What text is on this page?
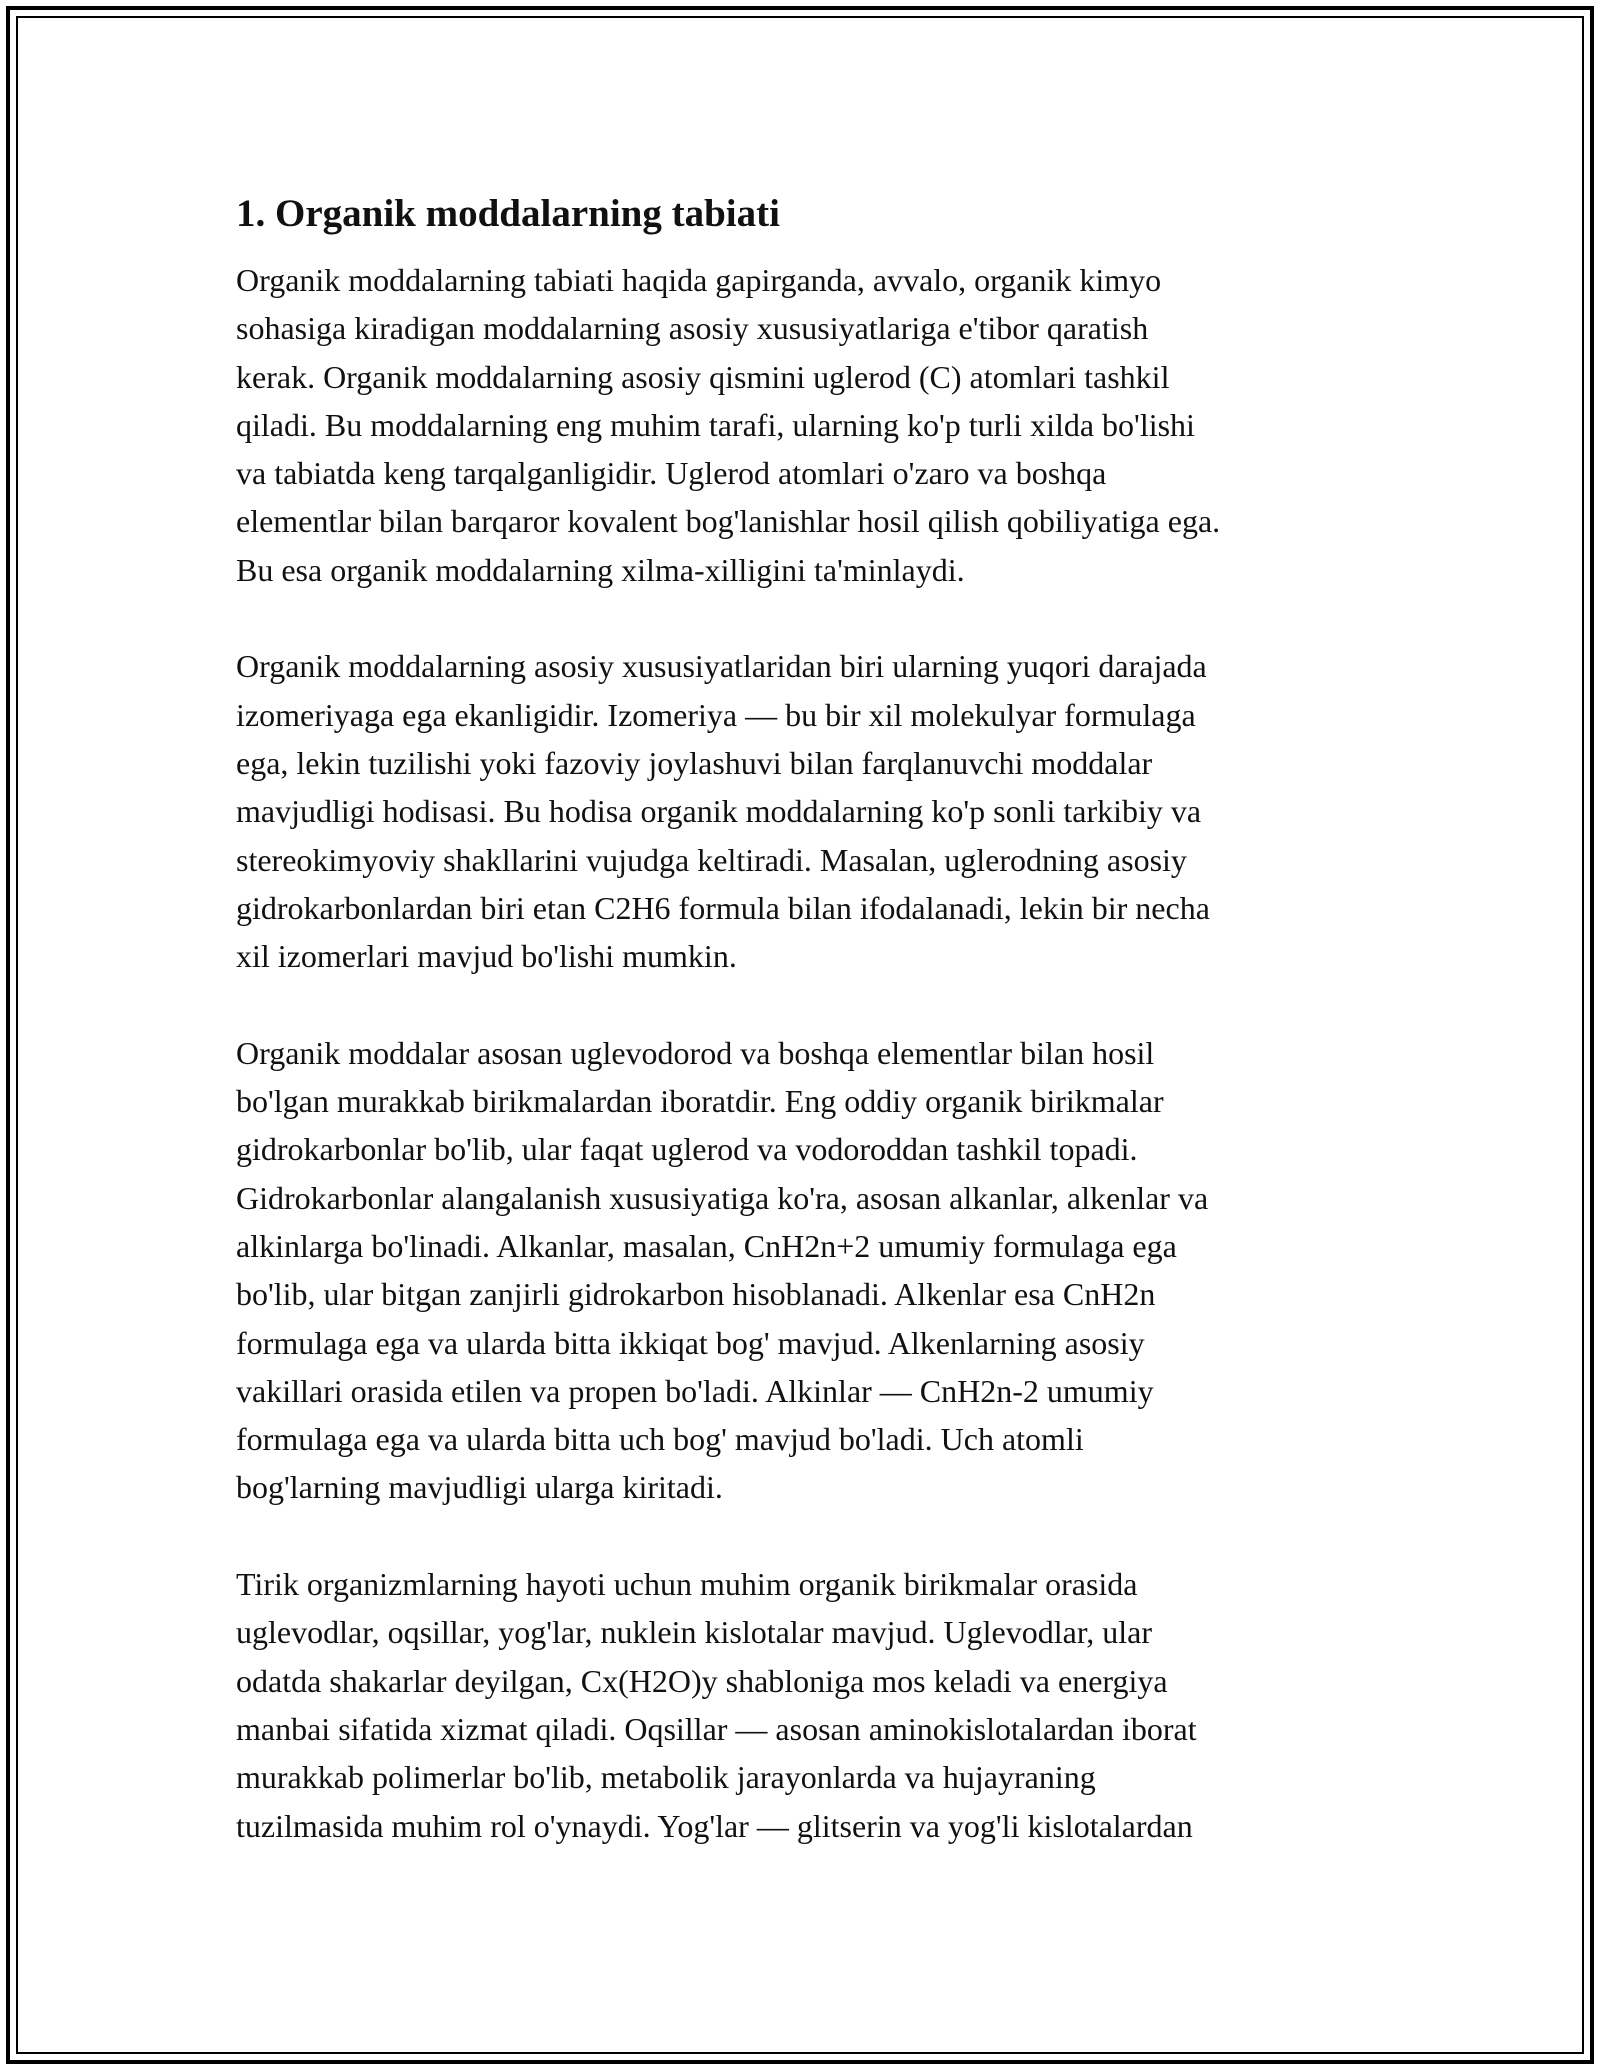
1. Organik moddalarning tabiati

Organik moddalarning tabiati haqida gapirganda, avvalo, organik kimyo
sohasiga kiradigan moddalarning asosiy xususiyatlariga e'tibor qaratish
kerak. Organik moddalarning asosiy qismini uglerod (C) atomlari tashkil
qiladi. Bu moddalarning eng muhim tarafi, ularning ko'p turli xilda bo'lishi
va tabiatda keng tarqalganligidir. Uglerod atomlari o'zaro va boshqa
elementlar bilan barqaror kovalent bog'lanishlar hosil qilish qobiliyatiga ega.
Bu esa organik moddalarning xilma-xilligini ta'minlaydi.

Organik moddalarning asosiy xususiyatlaridan biri ularning yuqori darajada
izomeriyaga ega ekanligidir. Izomeriya — bu bir xil molekulyar formulaga
ega, lekin tuzilishi yoki fazoviy joylashuvi bilan farqlanuvchi moddalar
mavjudligi hodisasi. Bu hodisa organik moddalarning ko'p sonli tarkibiy va
stereokimyoviy shakllarini vujudga keltiradi. Masalan, uglerodning asosiy
gidrokarbonlardan biri etan C2H6 formula bilan ifodalanadi, lekin bir necha
xil izomerlari mavjud bo'lishi mumkin.

Organik moddalar asosan uglevodorod va boshqa elementlar bilan hosil
bo'lgan murakkab birikmalardan iboratdir. Eng oddiy organik birikmalar
gidrokarbonlar bo'lib, ular faqat uglerod va vodoroddan tashkil topadi.
Gidrokarbonlar alangalanish xususiyatiga ko'ra, asosan alkanlar, alkenlar va
alkinlarga bo'linadi. Alkanlar, masalan, CnH2n+2 umumiy formulaga ega
bo'lib, ular bitgan zanjirli gidrokarbon hisoblanadi. Alkenlar esa CnH2n
formulaga ega va ularda bitta ikkiqat bog' mavjud. Alkenlarning asosiy
vakillari orasida etilen va propen bo'ladi. Alkinlar — CnH2n-2 umumiy
formulaga ega va ularda bitta uch bog' mavjud bo'ladi. Uch atomli
bog'larning mavjudligi ularga kiritadi.

Tirik organizmlarning hayoti uchun muhim organik birikmalar orasida
uglevodlar, oqsillar, yog'lar, nuklein kislotalar mavjud. Uglevodlar, ular
odatda shakarlar deyilgan, Cx(H2O)y shabloniga mos keladi va energiya
manbai sifatida xizmat qiladi. Oqsillar — asosan aminokislotalardan iborat
murakkab polimerlar bo'lib, metabolik jarayonlarda va hujayraning
tuzilmasida muhim rol o'ynaydi. Yog'lar — glitserin va yog'li kislotalardan
